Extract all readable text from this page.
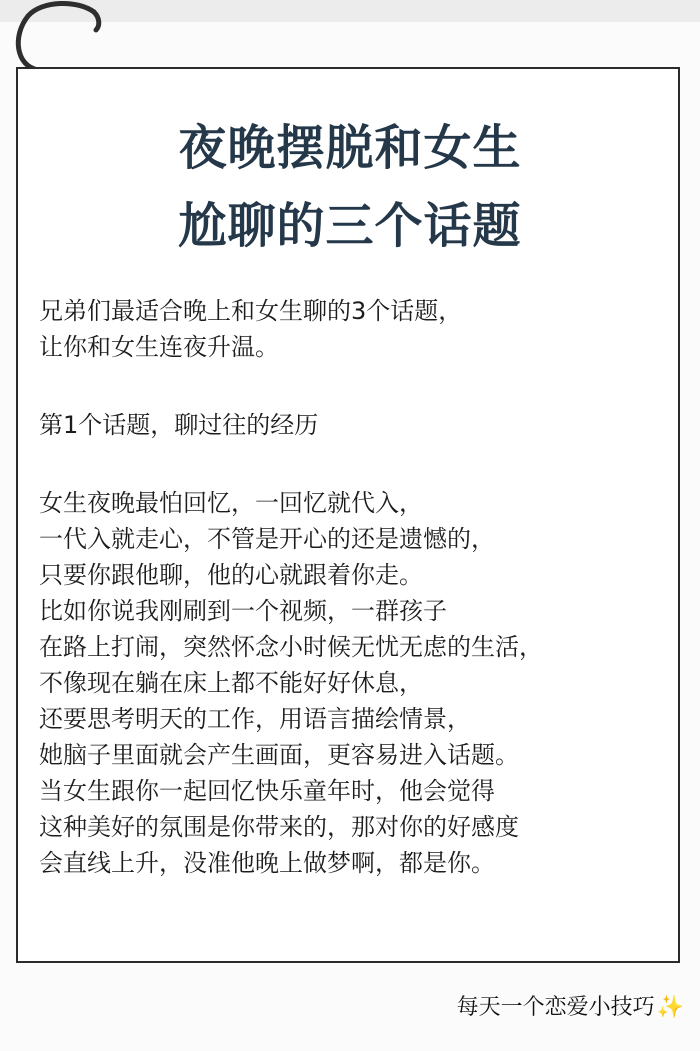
夜晚摆脱和女生
尬聊的三个话题
兄弟们最适合晚上和女生聊的3个话题，
让你和女生连夜升温。
第1个话题，聊过往的经历
女生夜晚最怕回忆，一回忆就代入，
一代入就走心，不管是开心的还是遗憾的，
只要你跟他聊，他的心就跟着你走。
比如你说我刚刷到一个视频，一群孩子
在路上打闹，突然怀念小时候无忧无虑的生活，
不像现在躺在床上都不能好好休息，
还要思考明天的工作，用语言描绘情景，
她脑子里面就会产生画面，更容易进入话题。
当女生跟你一起回忆快乐童年时，他会觉得
这种美好的氛围是你带来的，那对你的好感度
会直线上升，没准他晚上做梦啊，都是你。
每天一个恋爱小技巧✨
